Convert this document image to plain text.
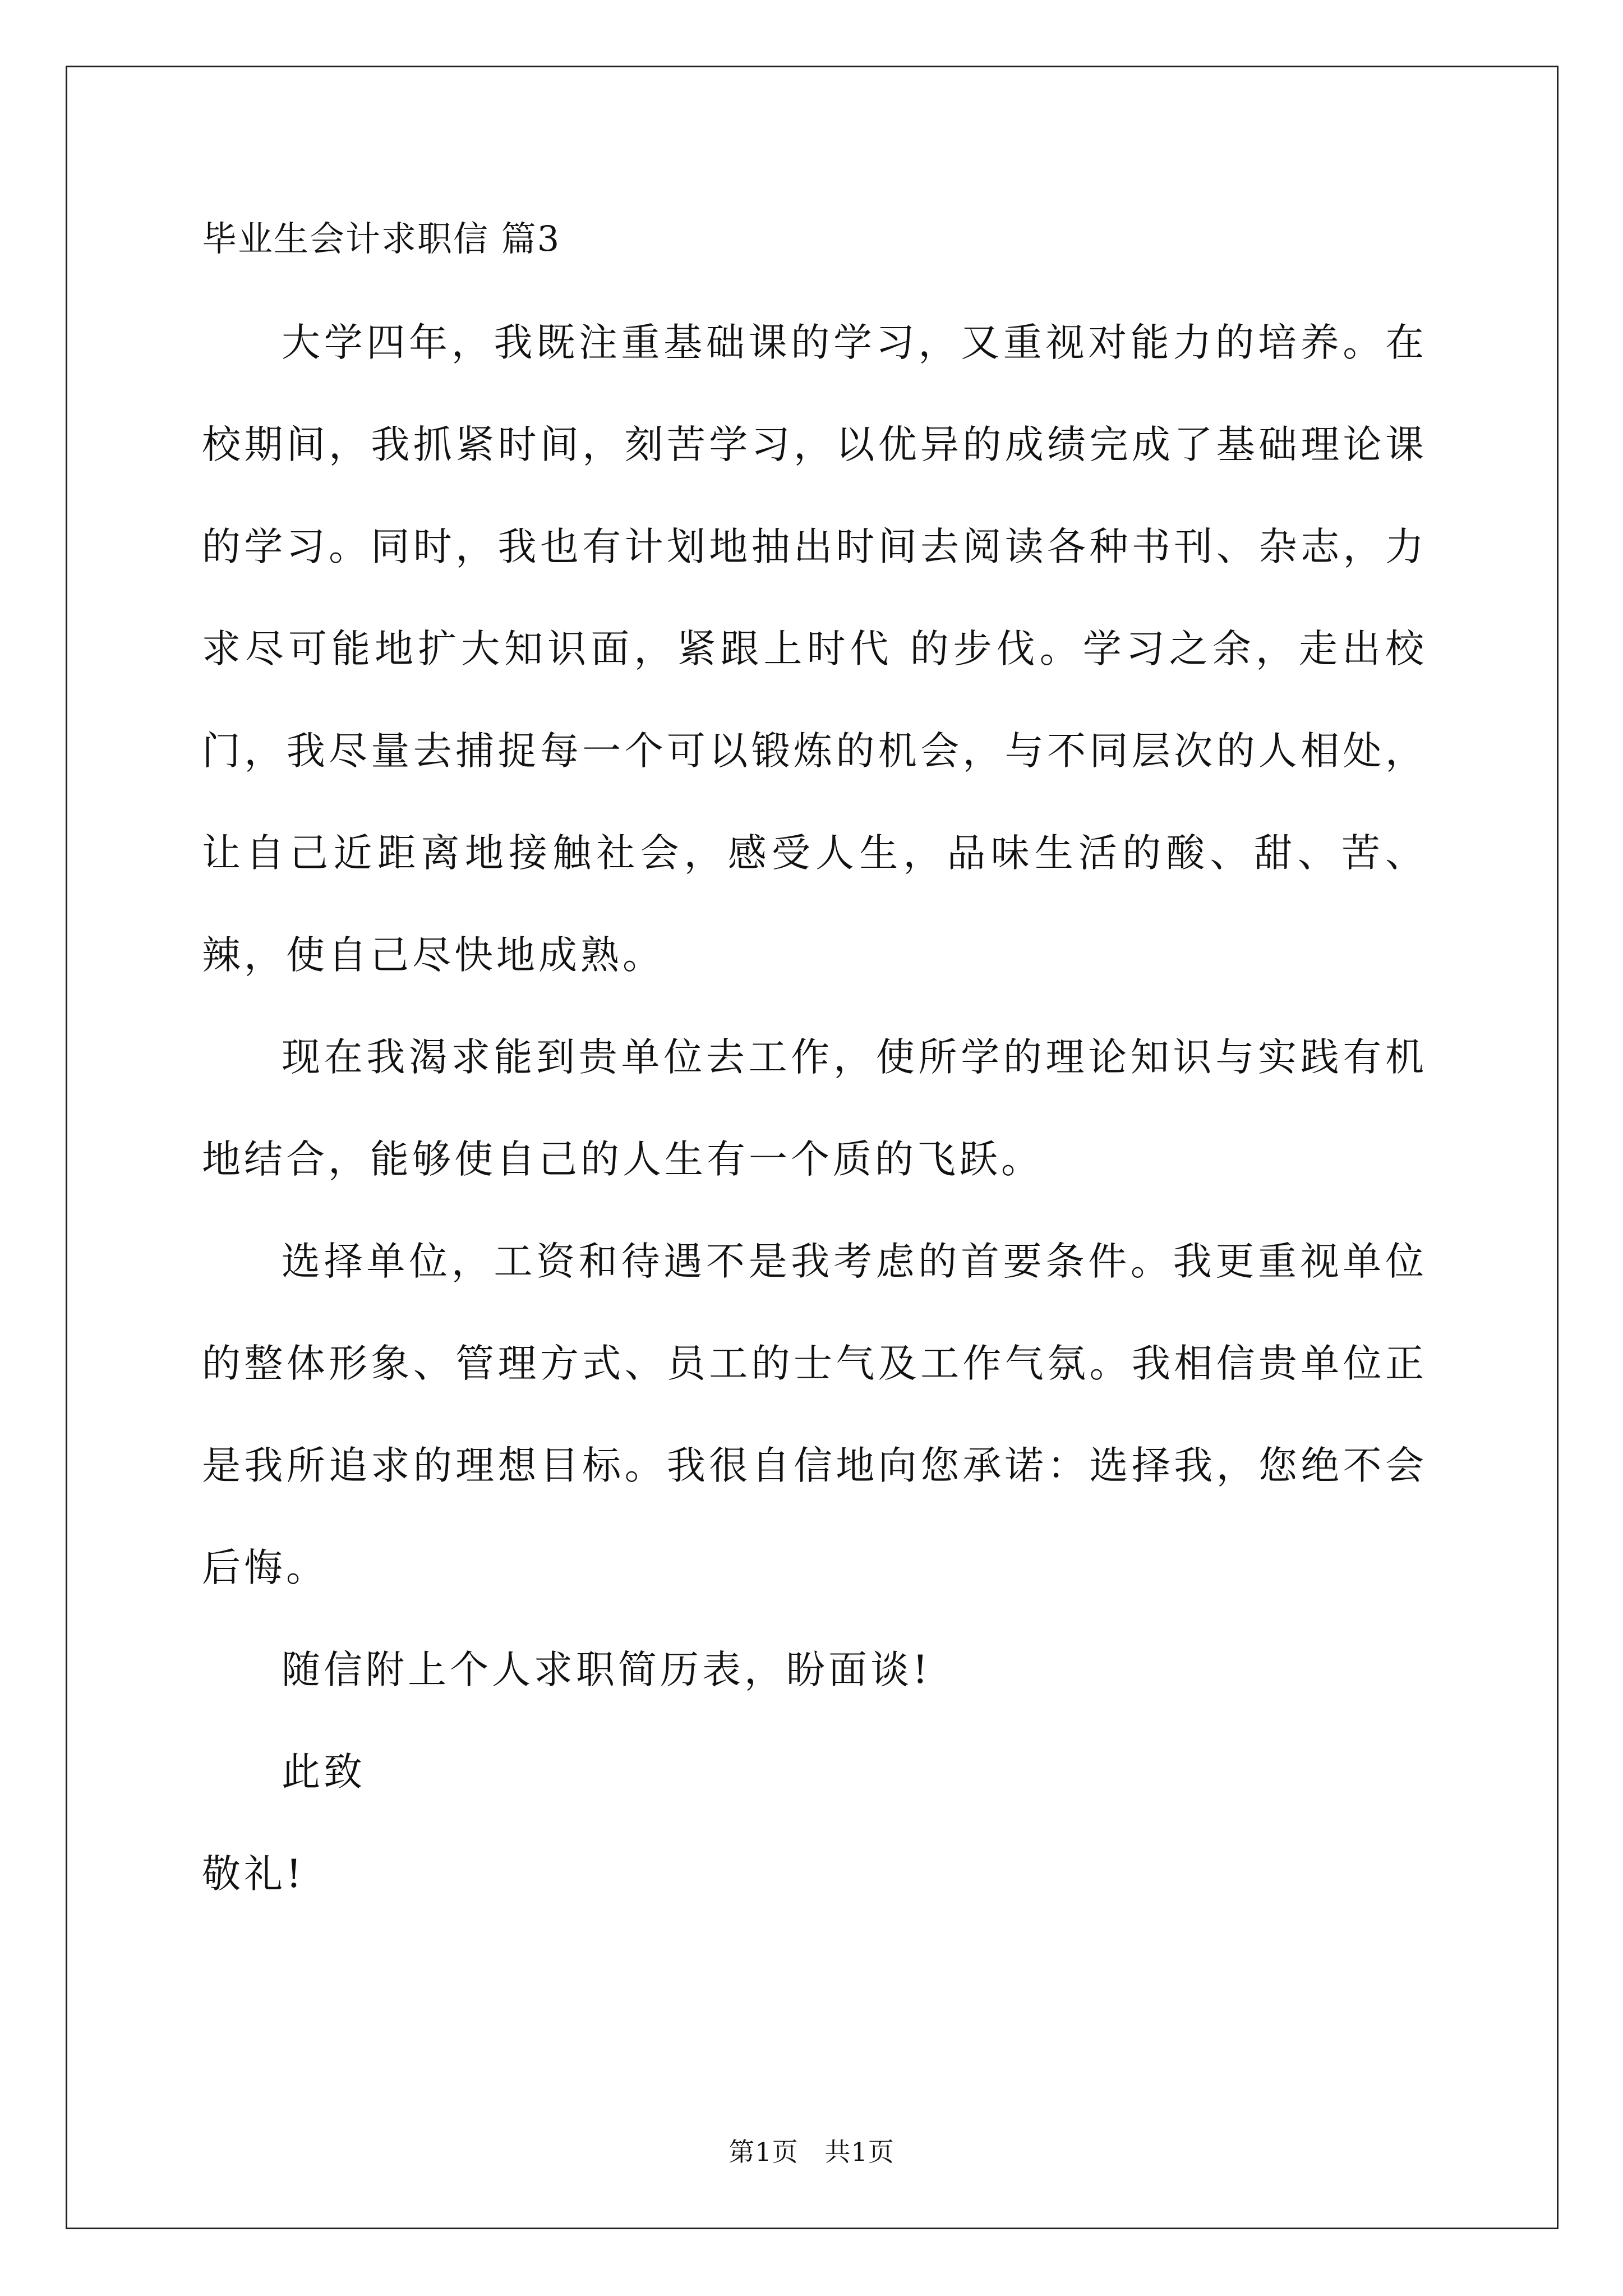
毕业生会计求职信 篇3

大学四年，我既注重基础课的学习，又重视对能力的培养。在校期间，我抓紧时间，刻苦学习，以优异的成绩完成了基础理论课的学习。同时，我也有计划地抽出时间去阅读各种书刊、杂志，力求尽可能地扩大知识面，紧跟上时代 的步伐。学习之余，走出校门，我尽量去捕捉每一个可以锻炼的机会，与不同层次的人相处，让自己近距离地接触社会，感受人生，品味生活的酸、甜、苦、辣，使自己尽快地成熟。

现在我渴求能到贵单位去工作，使所学的理论知识与实践有机地结合，能够使自己的人生有一个质的飞跃。

选择单位，工资和待遇不是我考虑的首要条件。我更重视单位的整体形象、管理方式、员工的士气及工作气氛。我相信贵单位正是我所追求的理想目标。我很自信地向您承诺：选择我，您绝不会后悔。

随信附上个人求职简历表，盼面谈!

此致

敬礼!

第1页   共1页
